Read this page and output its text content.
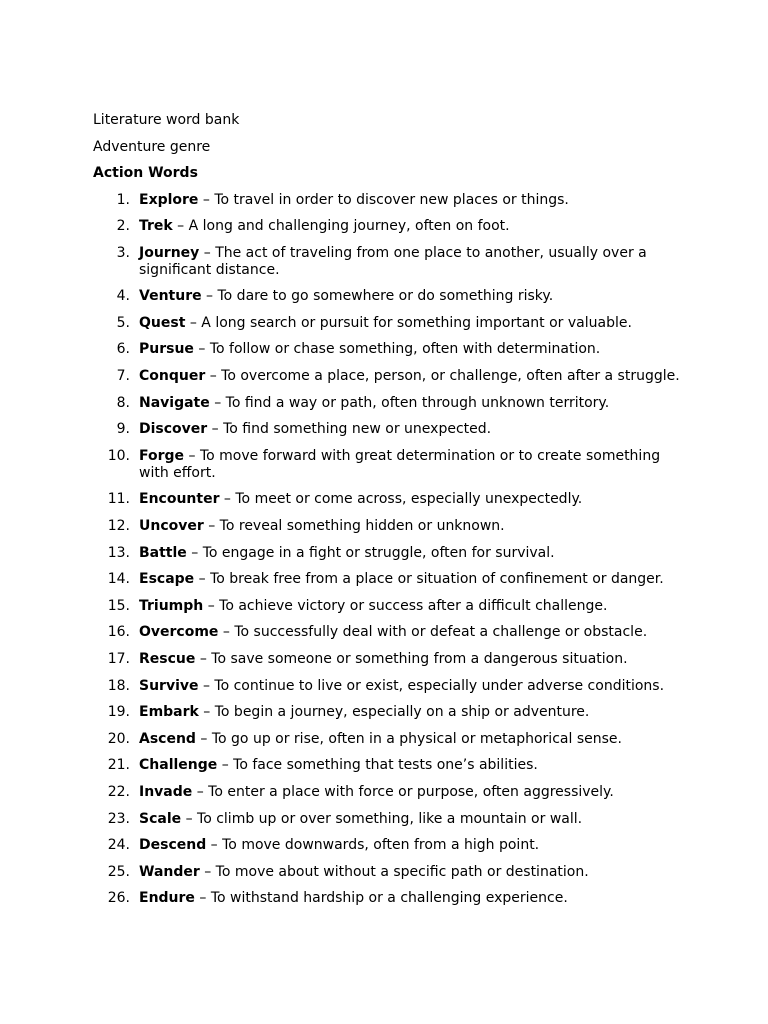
Literature word bank

Adventure genre

Action Words

1. Explore – To travel in order to discover new places or things.
2. Trek – A long and challenging journey, often on foot.
3. Journey – The act of traveling from one place to another, usually over a significant distance.
4. Venture – To dare to go somewhere or do something risky.
5. Quest – A long search or pursuit for something important or valuable.
6. Pursue – To follow or chase something, often with determination.
7. Conquer – To overcome a place, person, or challenge, often after a struggle.
8. Navigate – To find a way or path, often through unknown territory.
9. Discover – To find something new or unexpected.
10. Forge – To move forward with great determination or to create something with effort.
11. Encounter – To meet or come across, especially unexpectedly.
12. Uncover – To reveal something hidden or unknown.
13. Battle – To engage in a fight or struggle, often for survival.
14. Escape – To break free from a place or situation of confinement or danger.
15. Triumph – To achieve victory or success after a difficult challenge.
16. Overcome – To successfully deal with or defeat a challenge or obstacle.
17. Rescue – To save someone or something from a dangerous situation.
18. Survive – To continue to live or exist, especially under adverse conditions.
19. Embark – To begin a journey, especially on a ship or adventure.
20. Ascend – To go up or rise, often in a physical or metaphorical sense.
21. Challenge – To face something that tests one’s abilities.
22. Invade – To enter a place with force or purpose, often aggressively.
23. Scale – To climb up or over something, like a mountain or wall.
24. Descend – To move downwards, often from a high point.
25. Wander – To move about without a specific path or destination.
26. Endure – To withstand hardship or a challenging experience.
